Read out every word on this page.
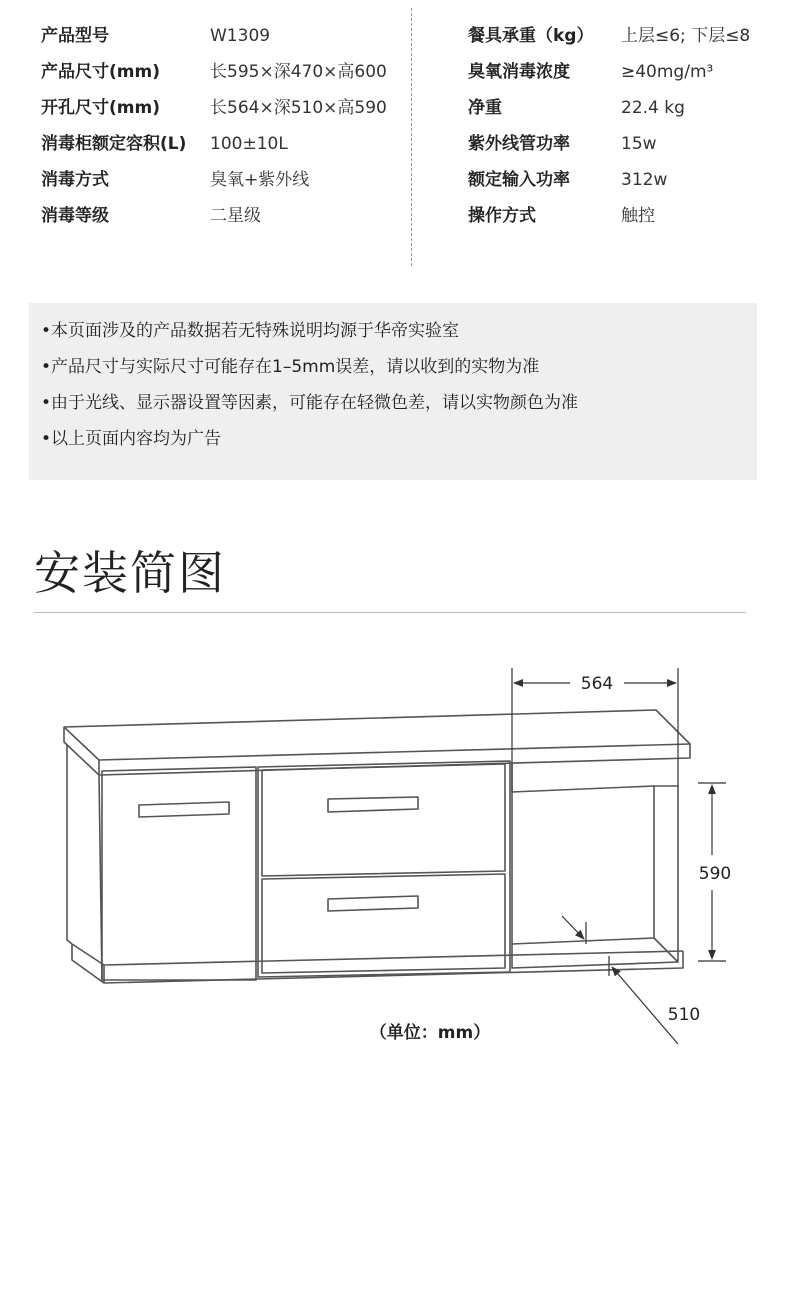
产品型号	W1309
产品尺寸(mm)	长595×深470×高600
开孔尺寸(mm)	长564×深510×高590
消毒柜额定容积(L) 100±10L
消毒方式	臭氧+紫外线
消毒等级	二星级
餐具承重（kg） 上层≤6; 下层≤8
臭氧消毒浓度	≥40mg/m³
净重	22.4 kg
紫外线管功率	15w
额定输入功率	312w
操作方式	触控
•本页面涉及的产品数据若无特殊说明均源于华帝实验室
•产品尺寸与实际尺寸可能存在1–5mm误差，请以收到的实物为准
•由于光线、显示器设置等因素，可能存在轻微色差，请以实物颜色为准
•以上页面内容均为广告
安装简图
564
590
510
（单位：mm）
